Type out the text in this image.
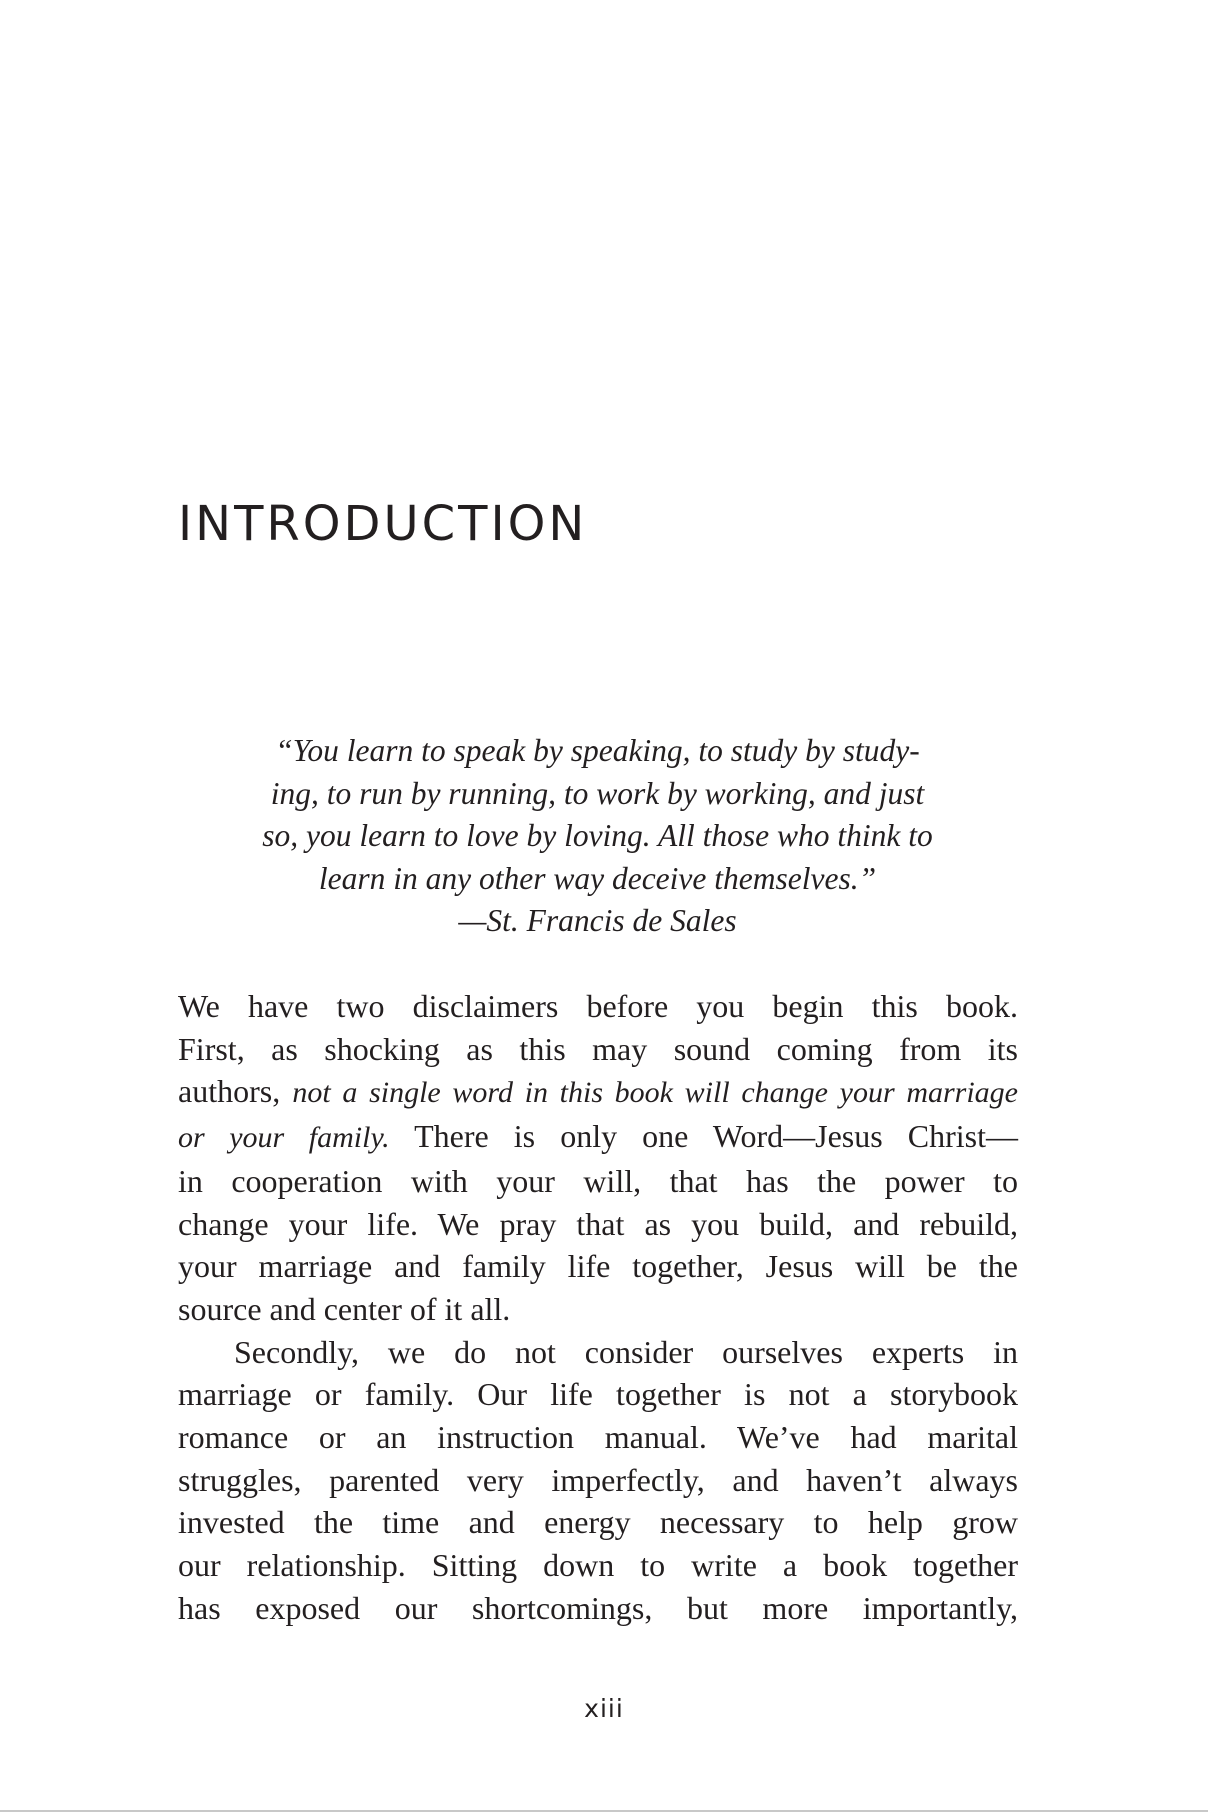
INTRODUCTION
“You learn to speak by speaking, to study by study-
ing, to run by running, to work by working, and just
so, you learn to love by loving. All those who think to
learn in any other way deceive themselves.”
—St. Francis de Sales
We have two disclaimers before you begin this book.
First, as shocking as this may sound coming from its
authors, not a single word in this book will change your marriage
or your family. There is only one Word—Jesus Christ—
in cooperation with your will, that has the power to
change your life. We pray that as you build, and rebuild,
your marriage and family life together, Jesus will be the
source and center of it all.
Secondly, we do not consider ourselves experts in
marriage or family. Our life together is not a storybook
romance or an instruction manual. We’ve had marital
struggles, parented very imperfectly, and haven’t always
invested the time and energy necessary to help grow
our relationship. Sitting down to write a book together
has exposed our shortcomings, but more importantly,
xiii
